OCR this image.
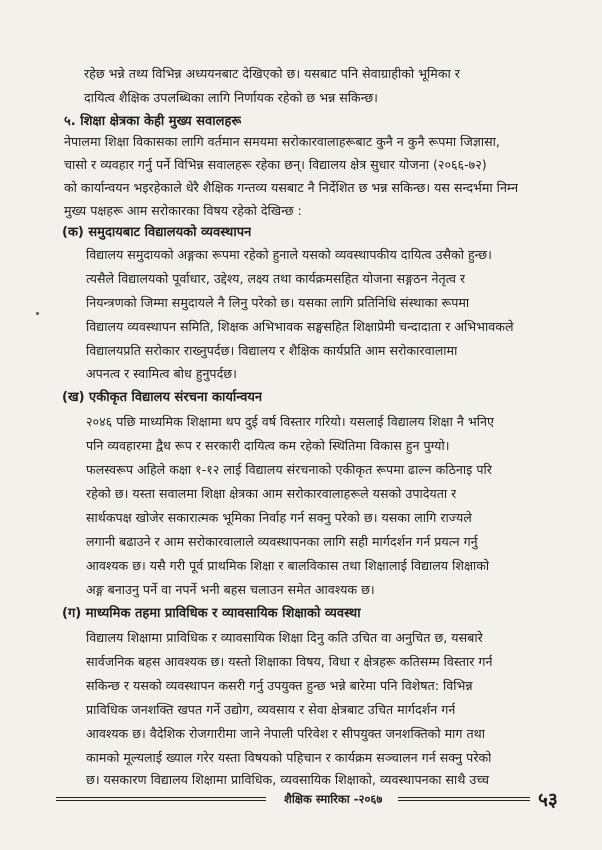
रहेछ भन्ने तथ्य विभिन्न अध्ययनबाट देखिएको छ। यसबाट पनि सेवाग्राहीको भूमिका र
दायित्व शैक्षिक उपलब्धिका लागि निर्णायक रहेको छ भन्न सकिन्छ।
५. शिक्षा क्षेत्रका केही मुख्य सवालहरू
नेपालमा शिक्षा विकासका लागि वर्तमान समयमा सरोकारवालाहरूबाट कुनै न कुनै रूपमा जिज्ञासा,
चासो र व्यवहार गर्नु पर्ने विभिन्न सवालहरू रहेका छन्। विद्यालय क्षेत्र सुधार योजना (२०६६-७२)
को कार्यान्वयन भइरहेकाले धेरै शैक्षिक गन्तव्य यसबाट नै निर्देशित छ भन्न सकिन्छ। यस सन्दर्भमा निम्न
मुख्य पक्षहरू आम सरोकारका विषय रहेको देखिन्छ :
(क) समुदायबाट विद्यालयको व्यवस्थापन
विद्यालय समुदायको अङ्गका रूपमा रहेको हुनाले यसको व्यवस्थापकीय दायित्व उसैको हुन्छ।
त्यसैले विद्यालयको पूर्वाधार, उद्देश्य, लक्ष्य तथा कार्यक्रमसहित योजना सङ्गठन नेतृत्व र
नियन्त्रणको जिम्मा समुदायले नै लिनु परेको छ। यसका लागि प्रतिनिधि संस्थाका रूपमा
विद्यालय व्यवस्थापन समिति, शिक्षक अभिभावक सङ्घसहित शिक्षाप्रेमी चन्दादाता र अभिभावकले
विद्यालयप्रति सरोकार राख्नुपर्दछ। विद्यालय र शैक्षिक कार्यप्रति आम सरोकारवालामा
अपनत्व र स्वामित्व बोध हुनुपर्दछ।
(ख) एकीकृत विद्यालय संरचना कार्यान्वयन
२०४६ पछि माध्यमिक शिक्षामा थप दुई वर्ष विस्तार गरियो। यसलाई विद्यालय शिक्षा नै भनिए
पनि व्यवहारमा द्वैध रूप र सरकारी दायित्व कम रहेको स्थितिमा विकास हुन पुग्यो।
फलस्वरूप अहिले कक्षा १-१२ लाई विद्यालय संरचनाको एकीकृत रूपमा ढाल्न कठिनाइ परि
रहेको छ। यस्ता सवालमा शिक्षा क्षेत्रका आम सरोकारवालाहरूले यसको उपादेयता र
सार्थकपक्ष खोजेर सकारात्मक भूमिका निर्वाह गर्न सक्नु परेको छ। यसका लागि राज्यले
लगानी बढाउने र आम सरोकारवालाले व्यवस्थापनका लागि सही मार्गदर्शन गर्न प्रयत्न गर्नु
आवश्यक छ। यसै गरी पूर्व प्राथमिक शिक्षा र बालविकास तथा शिक्षालाई विद्यालय शिक्षाको
अङ्ग बनाउनु पर्ने वा नपर्ने भनी बहस चलाउन समेत आवश्यक छ।
(ग) माध्यमिक तहमा प्राविधिक र व्यावसायिक शिक्षाको व्यवस्था
विद्यालय शिक्षामा प्राविधिक र व्यावसायिक शिक्षा दिनु कति उचित वा अनुचित छ, यसबारे
सार्वजनिक बहस आवश्यक छ। यस्तो शिक्षाका विषय, विधा र क्षेत्रहरू कतिसम्म विस्तार गर्न
सकिन्छ र यसको व्यवस्थापन कसरी गर्नु उपयुक्त हुन्छ भन्ने बारेमा पनि विशेषत: विभिन्न
प्राविधिक जनशक्ति खपत गर्ने उद्योग, व्यवसाय र सेवा क्षेत्रबाट उचित मार्गदर्शन गर्न
आवश्यक छ। वैदेशिक रोजगारीमा जाने नेपाली परिवेश र सीपयुक्त जनशक्तिको माग तथा
कामको मूल्यलाई ख्याल गरेर यस्ता विषयको पहिचान र कार्यक्रम सञ्चालन गर्न सक्नु परेको
छ। यसकारण विद्यालय शिक्षामा प्राविधिक, व्यवसायिक शिक्षाको, व्यवस्थापनका साथै उच्च
शैक्षिक स्मारिका -२०६७	५३
